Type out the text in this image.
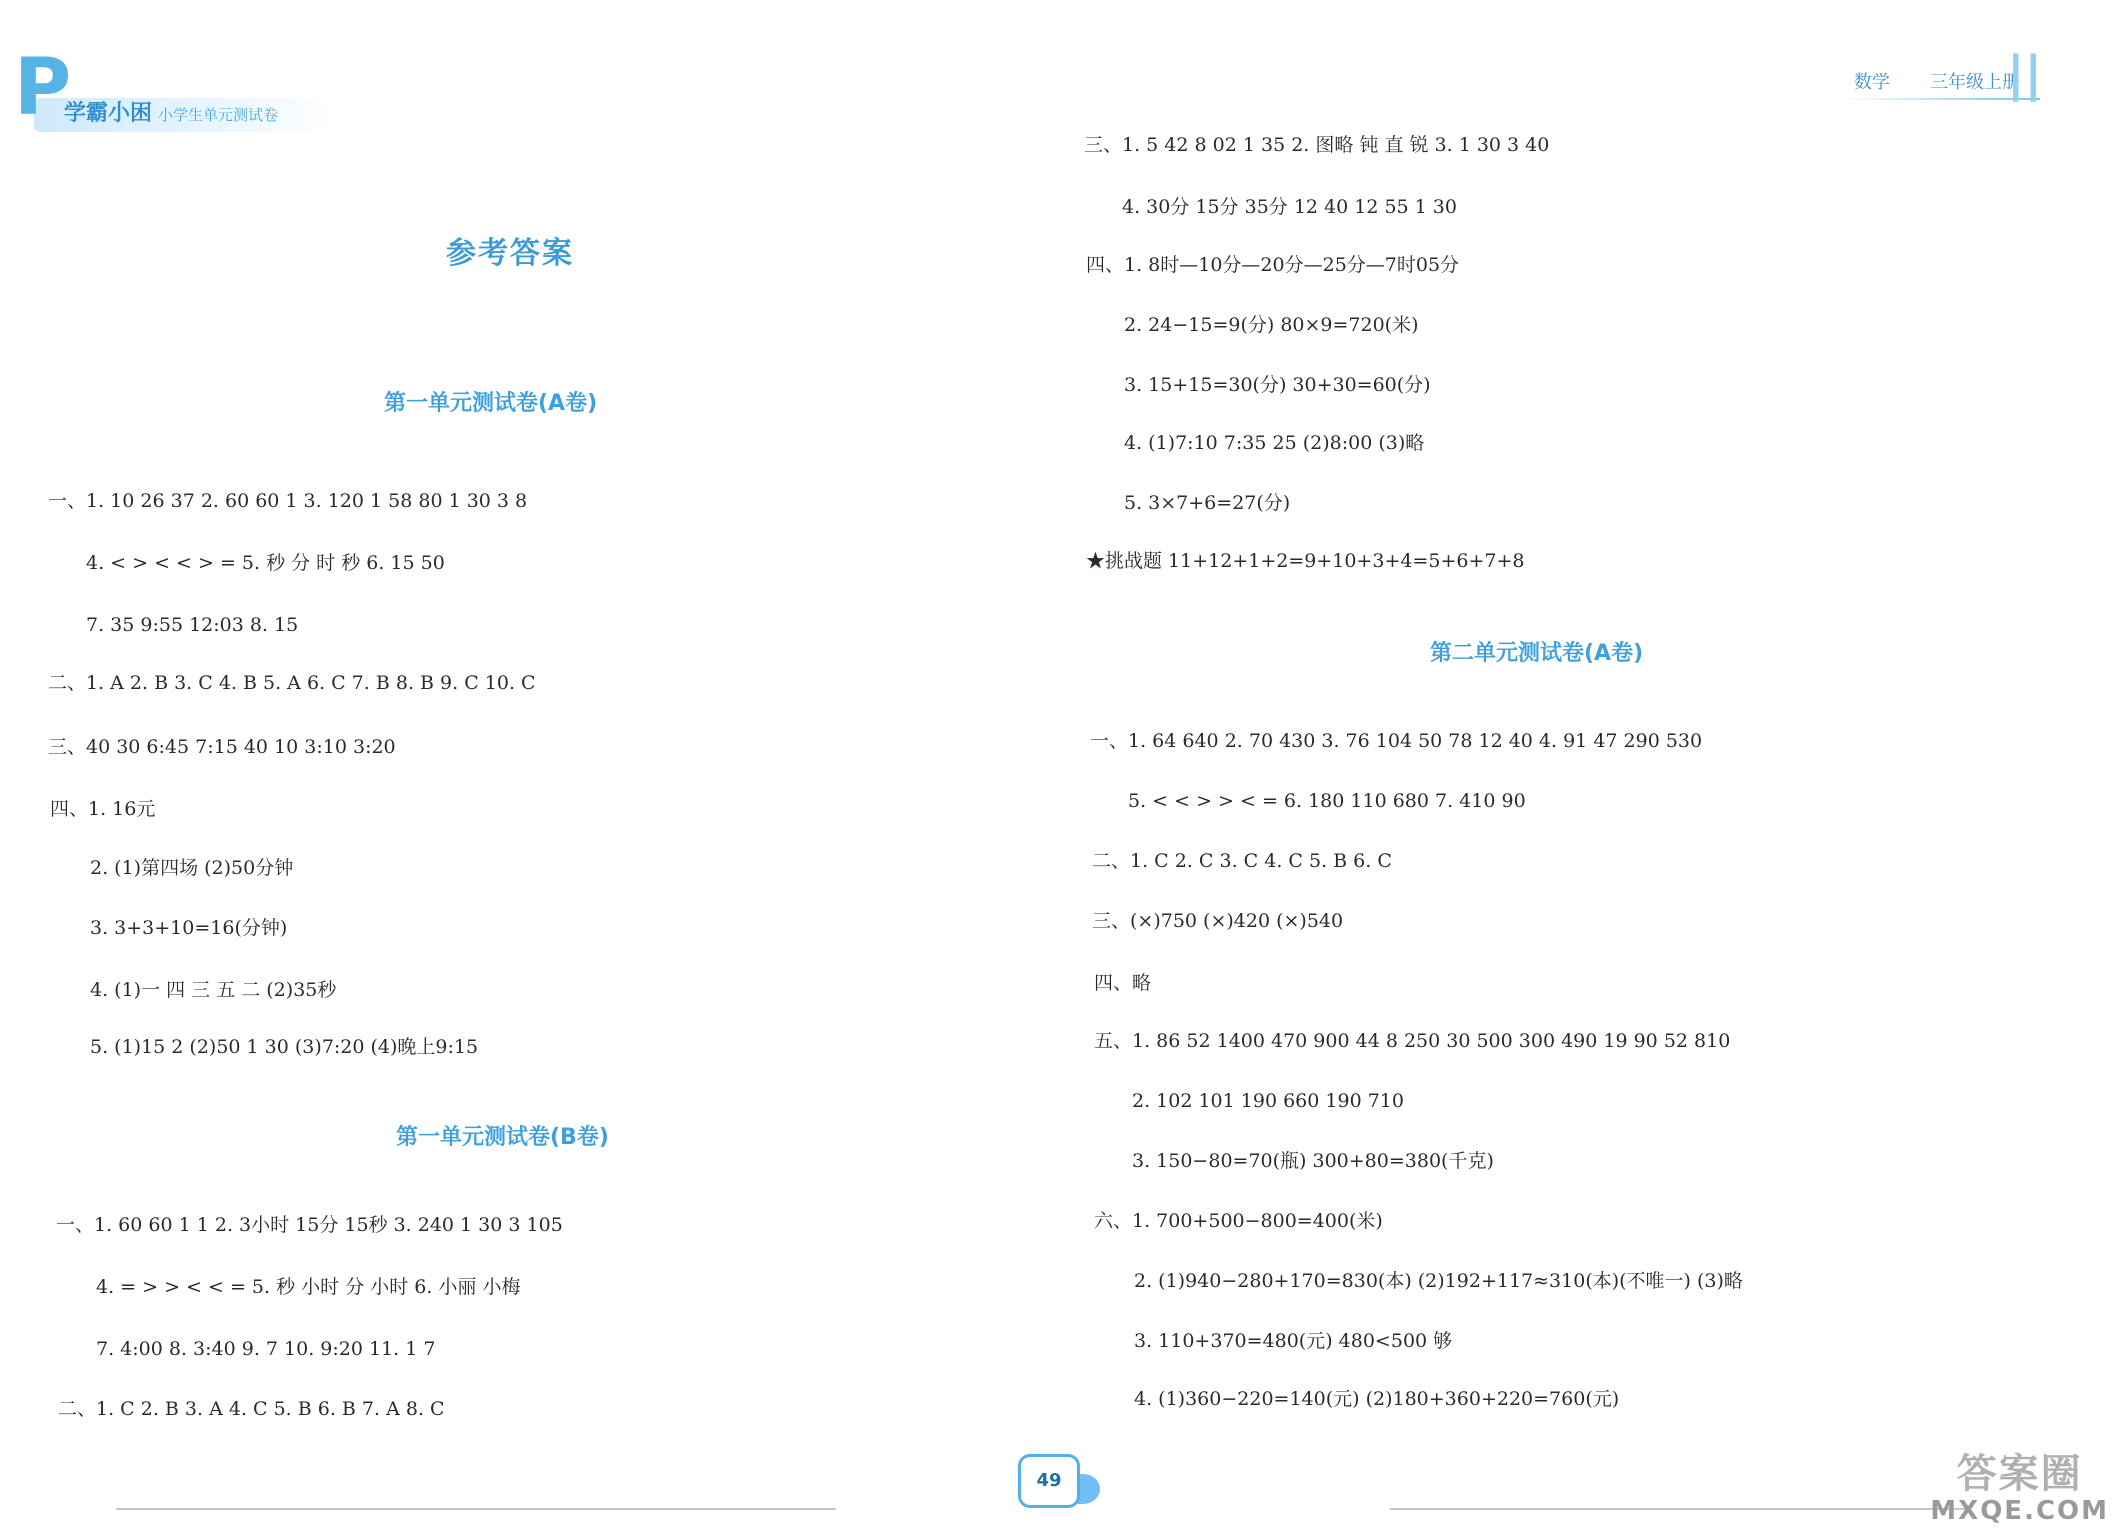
P
学霸小困 小学生单元测试卷
参考答案
第一单元测试卷(A卷)
一、1. 10 26 37 2. 60 60 1 3. 120 1 58 80 1 30 3 8
4. < > < < > = 5. 秒 分 时 秒 6. 15 50
7. 35 9:55 12:03 8. 15
二、1. A 2. B 3. C 4. B 5. A 6. C 7. B 8. B 9. C 10. C
三、40 30 6:45 7:15 40 10 3:10 3:20
四、1. 16元
2. (1)第四场 (2)50分钟
3. 3+3+10=16(分钟)
4. (1)一 四 三 五 二 (2)35秒
5. (1)15 2 (2)50 1 30 (3)7:20 (4)晚上9:15
第一单元测试卷(B卷)
一、1. 60 60 1 1 2. 3小时 15分 15秒 3. 240 1 30 3 105
4. = > > < < = 5. 秒 小时 分 小时 6. 小丽 小梅
7. 4:00 8. 3:40 9. 7 10. 9:20 11. 1 7
二、1. C 2. B 3. A 4. C 5. B 6. B 7. A 8. C
数学 三年级上册
||
三、1. 5 42 8 02 1 35 2. 图略 钝 直 锐 3. 1 30 3 40
4. 30分 15分 35分 12 40 12 55 1 30
四、1. 8时—10分—20分—25分—7时05分
2. 24−15=9(分) 80×9=720(米)
3. 15+15=30(分) 30+30=60(分)
4. (1)7:10 7:35 25 (2)8:00 (3)略
5. 3×7+6=27(分)
★挑战题 11+12+1+2=9+10+3+4=5+6+7+8
第二单元测试卷(A卷)
一、1. 64 640 2. 70 430 3. 76 104 50 78 12 40 4. 91 47 290 530
5. < < > > < = 6. 180 110 680 7. 410 90
二、1. C 2. C 3. C 4. C 5. B 6. C
三、(×)750 (×)420 (×)540
四、略
五、1. 86 52 1400 470 900 44 8 250 30 500 300 490 19 90 52 810
2. 102 101 190 660 190 710
3. 150−80=70(瓶) 300+80=380(千克)
六、1. 700+500−800=400(米)
2. (1)940−280+170=830(本) (2)192+117≈310(本)(不唯一) (3)略
3. 110+370=480(元) 480<500 够
4. (1)360−220=140(元) (2)180+360+220=760(元)
49	答案圈
MXQE.COM
